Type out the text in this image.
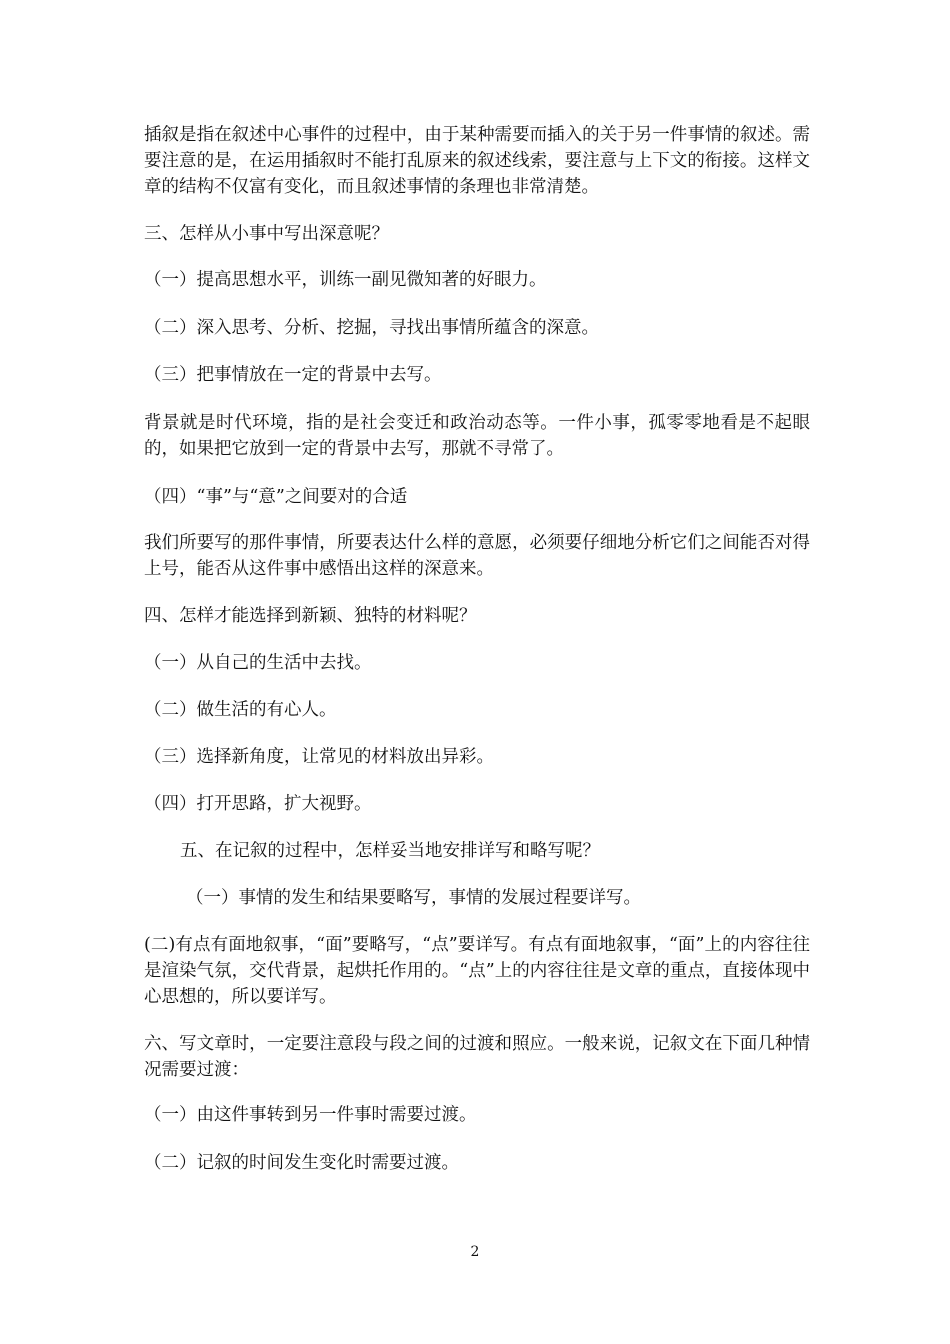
插叙是指在叙述中心事件的过程中，由于某种需要而插入的关于另一件事情的叙述。需要注意的是，在运用插叙时不能打乱原来的叙述线索，要注意与上下文的衔接。这样文章的结构不仅富有变化，而且叙述事情的条理也非常清楚。

三、怎样从小事中写出深意呢？

（一）提高思想水平，训练一副见微知著的好眼力。

（二）深入思考、分析、挖掘，寻找出事情所蕴含的深意。

（三）把事情放在一定的背景中去写。

背景就是时代环境，指的是社会变迁和政治动态等。一件小事，孤零零地看是不起眼的，如果把它放到一定的背景中去写，那就不寻常了。

（四）“事”与“意”之间要对的合适

我们所要写的那件事情，所要表达什么样的意愿，必须要仔细地分析它们之间能否对得上号，能否从这件事中感悟出这样的深意来。

四、怎样才能选择到新颖、独特的材料呢？

（一）从自己的生活中去找。

（二）做生活的有心人。

（三）选择新角度，让常见的材料放出异彩。

（四）打开思路，扩大视野。

五、在记叙的过程中，怎样妥当地安排详写和略写呢？

（一）事情的发生和结果要略写，事情的发展过程要详写。

(二)有点有面地叙事，“面”要略写，“点”要详写。有点有面地叙事，“面”上的内容往往是渲染气氛，交代背景，起烘托作用的。“点”上的内容往往是文章的重点，直接体现中心思想的，所以要详写。

六、写文章时，一定要注意段与段之间的过渡和照应。一般来说，记叙文在下面几种情况需要过渡：

（一）由这件事转到另一件事时需要过渡。

（二）记叙的时间发生变化时需要过渡。

2
